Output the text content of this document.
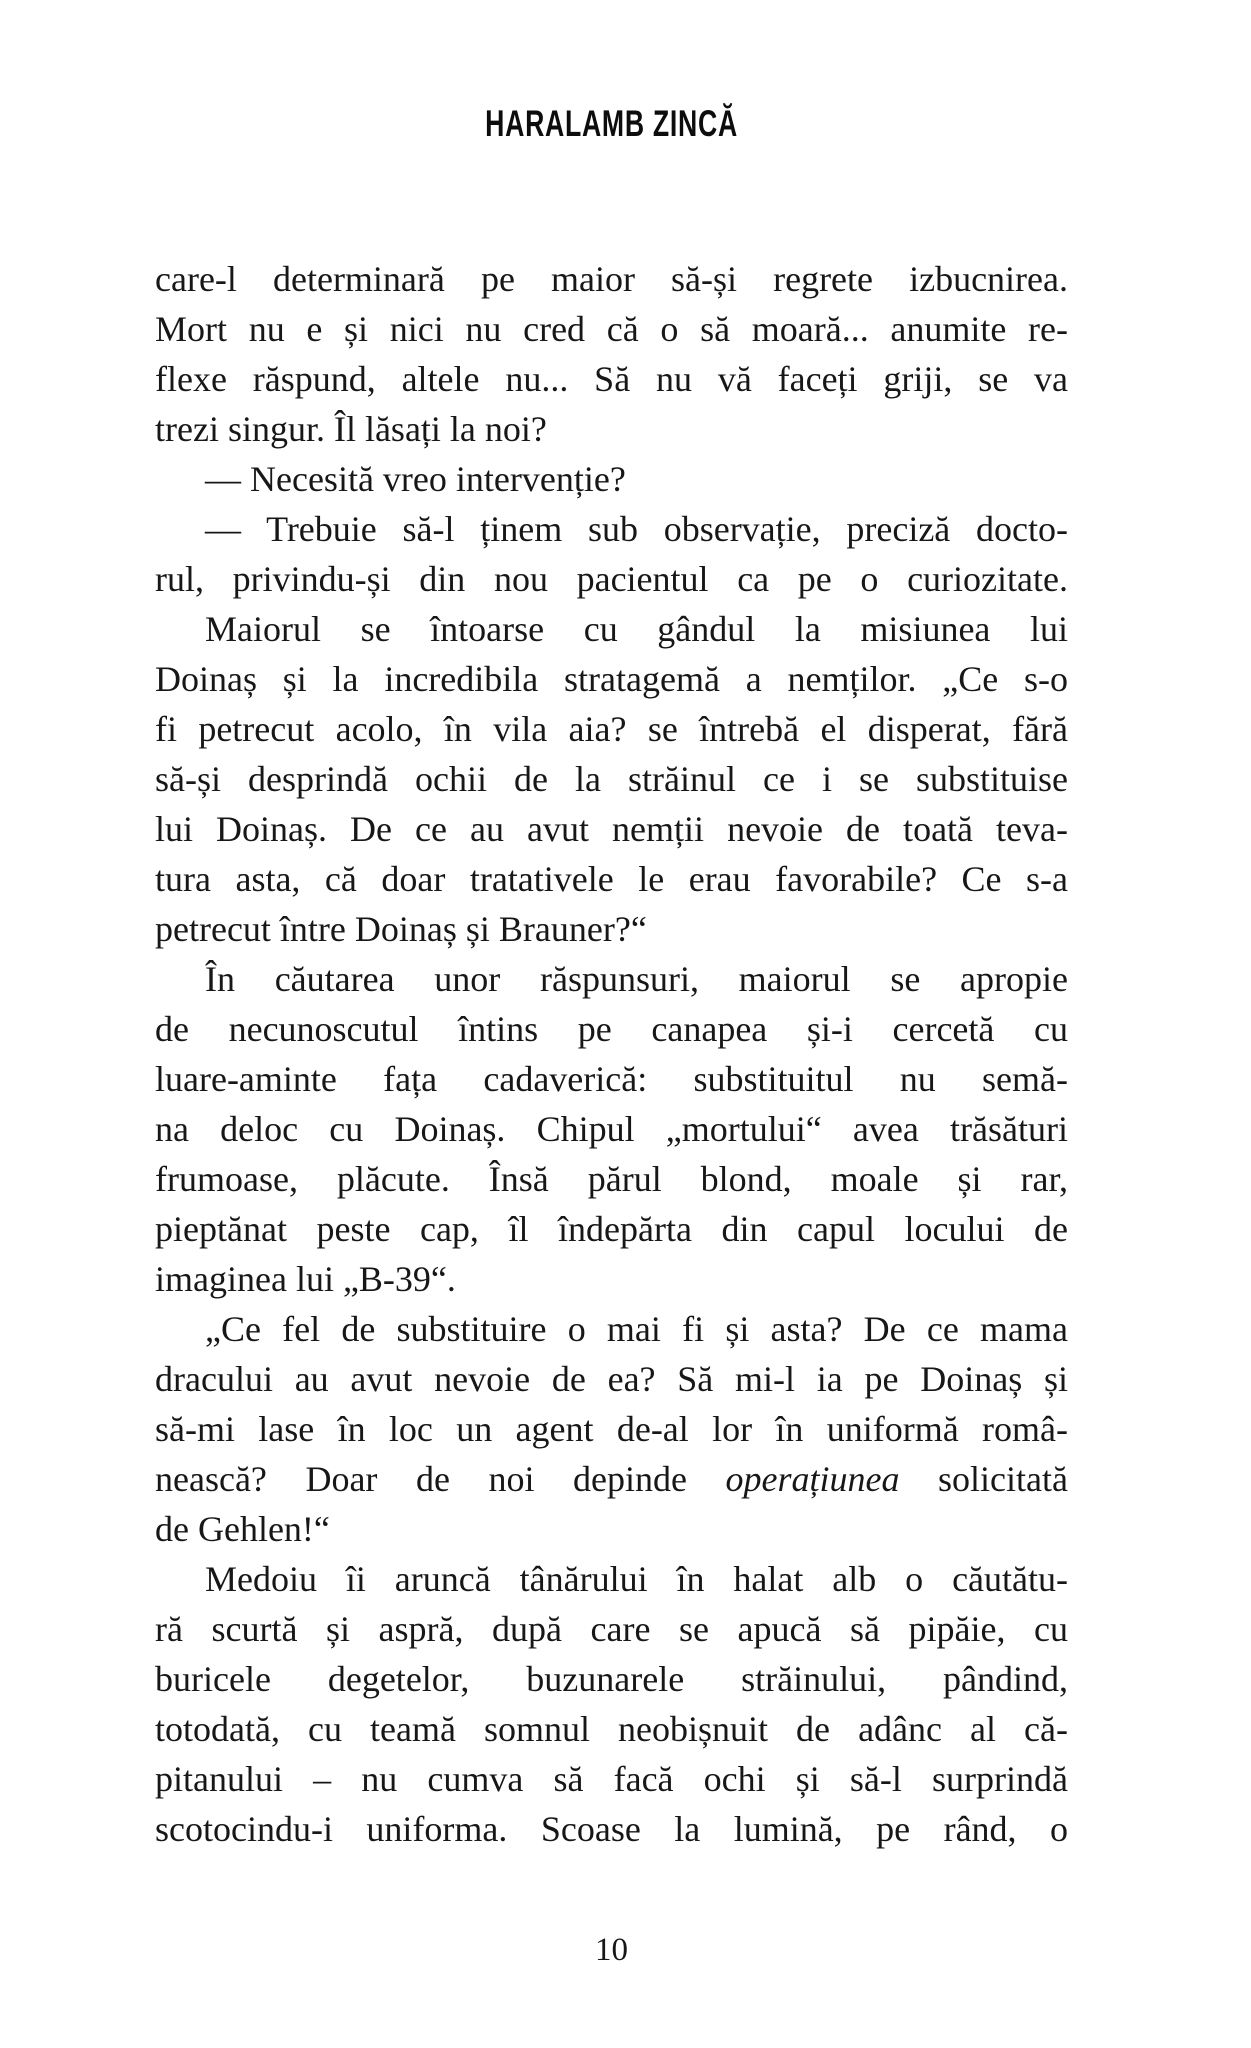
HARALAMB ZINCĂ
care-l determinară pe maior să-și regrete izbucnirea.
Mort nu e și nici nu cred că o să moară... anumite re-
flexe răspund, altele nu... Să nu vă faceți griji, se va
trezi singur. Îl lăsați la noi?
— Necesită vreo intervenție?
— Trebuie să-l ținem sub observație, preciză docto-
rul, privindu-și din nou pacientul ca pe o curiozitate.
Maiorul se întoarse cu gândul la misiunea lui
Doinaș și la incredibila stratagemă a nemților. „Ce s-o
fi petrecut acolo, în vila aia? se întrebă el disperat, fără
să-și desprindă ochii de la străinul ce i se substituise
lui Doinaș. De ce au avut nemții nevoie de toată teva-
tura asta, că doar tratativele le erau favorabile? Ce s-a
petrecut între Doinaș și Brauner?“
În căutarea unor răspunsuri, maiorul se apropie
de necunoscutul întins pe canapea și-i cercetă cu
luare-aminte fața cadaverică: substituitul nu semă-
na deloc cu Doinaș. Chipul „mortului“ avea trăsături
frumoase, plăcute. Însă părul blond, moale și rar,
pieptănat peste cap, îl îndepărta din capul locului de
imaginea lui „B-39“.
„Ce fel de substituire o mai fi și asta? De ce mama
dracului au avut nevoie de ea? Să mi-l ia pe Doinaș și
să-mi lase în loc un agent de-al lor în uniformă româ-
nească? Doar de noi depinde operațiunea solicitată
de Gehlen!“
Medoiu îi aruncă tânărului în halat alb o căutătu-
ră scurtă și aspră, după care se apucă să pipăie, cu
buricele degetelor, buzunarele străinului, pândind,
totodată, cu teamă somnul neobișnuit de adânc al că-
pitanului – nu cumva să facă ochi și să-l surprindă
scotocindu-i uniforma. Scoase la lumină, pe rând, o
10
